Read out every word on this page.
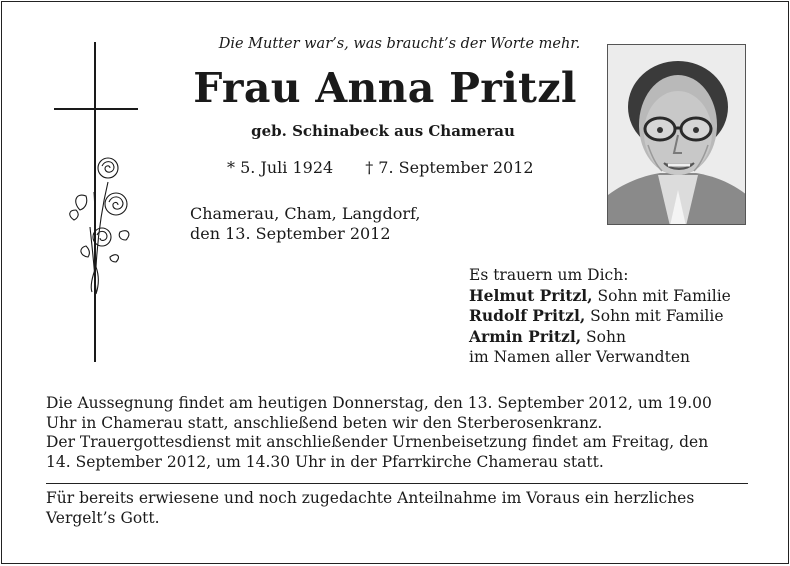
Die Mutter war’s, was braucht’s der Worte mehr.
Frau Anna Pritzl
geb. Schinabeck aus Chamerau
* 5. Juli 1924 † 7. September 2012
Chamerau, Cham, Langdorf,
den 13. September 2012
Es trauern um Dich:
Helmut Pritzl, Sohn mit Familie
Rudolf Pritzl, Sohn mit Familie
Armin Pritzl, Sohn
im Namen aller Verwandten
Die Aussegnung findet am heutigen Donnerstag, den 13. September 2012, um 19.00
Uhr in Chamerau statt, anschließend beten wir den Sterberosenkranz.
Der Trauergottesdienst mit anschließender Urnenbeisetzung findet am Freitag, den
14. September 2012, um 14.30 Uhr in der Pfarrkirche Chamerau statt.
Für bereits erwiesene und noch zugedachte Anteilnahme im Voraus ein herzliches
Vergelt’s Gott.
